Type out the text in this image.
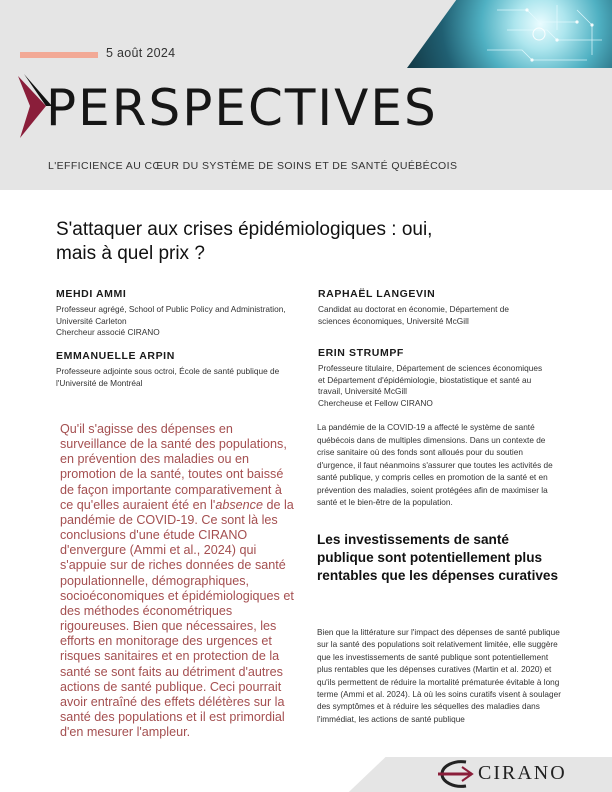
5 août 2024
PERSPECTIVES
L'EFFICIENCE AU CŒUR DU SYSTÈME DE SOINS ET DE SANTÉ QUÉBÉCOIS
S'attaquer aux crises épidémiologiques : oui, mais à quel prix ?
MEHDI AMMI
Professeur agrégé, School of Public Policy and Administration, Université Carleton
Chercheur associé CIRANO
RAPHAËL LANGEVIN
Candidat au doctorat en économie, Département de sciences économiques, Université McGill
EMMANUELLE ARPIN
Professeure adjointe sous octroi, École de santé publique de l'Université de Montréal
ERIN STRUMPF
Professeure titulaire, Département de sciences économiques et Département d'épidémiologie, biostatistique et santé au travail, Université McGill
Chercheuse et Fellow CIRANO
Qu'il s'agisse des dépenses en surveillance de la santé des populations, en prévention des maladies ou en promotion de la santé, toutes ont baissé de façon importante comparativement à ce qu'elles auraient été en l'absence de la pandémie de COVID-19. Ce sont là les conclusions d'une étude CIRANO d'envergure (Ammi et al., 2024) qui s'appuie sur de riches données de santé populationnelle, démographiques, socioéconomiques et épidémiologiques et des méthodes économétriques rigoureuses. Bien que nécessaires, les efforts en monitorage des urgences et risques sanitaires et en protection de la santé se sont faits au détriment d'autres actions de santé publique. Ceci pourrait avoir entraîné des effets délétères sur la santé des populations et il est primordial d'en mesurer l'ampleur.
La pandémie de la COVID-19 a affecté le système de santé québécois dans de multiples dimensions. Dans un contexte de crise sanitaire où des fonds sont alloués pour du soutien d'urgence, il faut néanmoins s'assurer que toutes les activités de santé publique, y compris celles en promotion de la santé et en prévention des maladies, soient protégées afin de maximiser la santé et le bien-être de la population.
Les investissements de santé publique sont potentiellement plus rentables que les dépenses curatives
Bien que la littérature sur l'impact des dépenses de santé publique sur la santé des populations soit relativement limitée, elle suggère que les investissements de santé publique sont potentiellement plus rentables que les dépenses curatives (Martin et al. 2020) et qu'ils permettent de réduire la mortalité prématurée évitable à long terme (Ammi et al. 2024). Là où les soins curatifs visent à soulager des symptômes et à réduire les séquelles des maladies dans l'immédiat, les actions de santé publique
CIRANO
